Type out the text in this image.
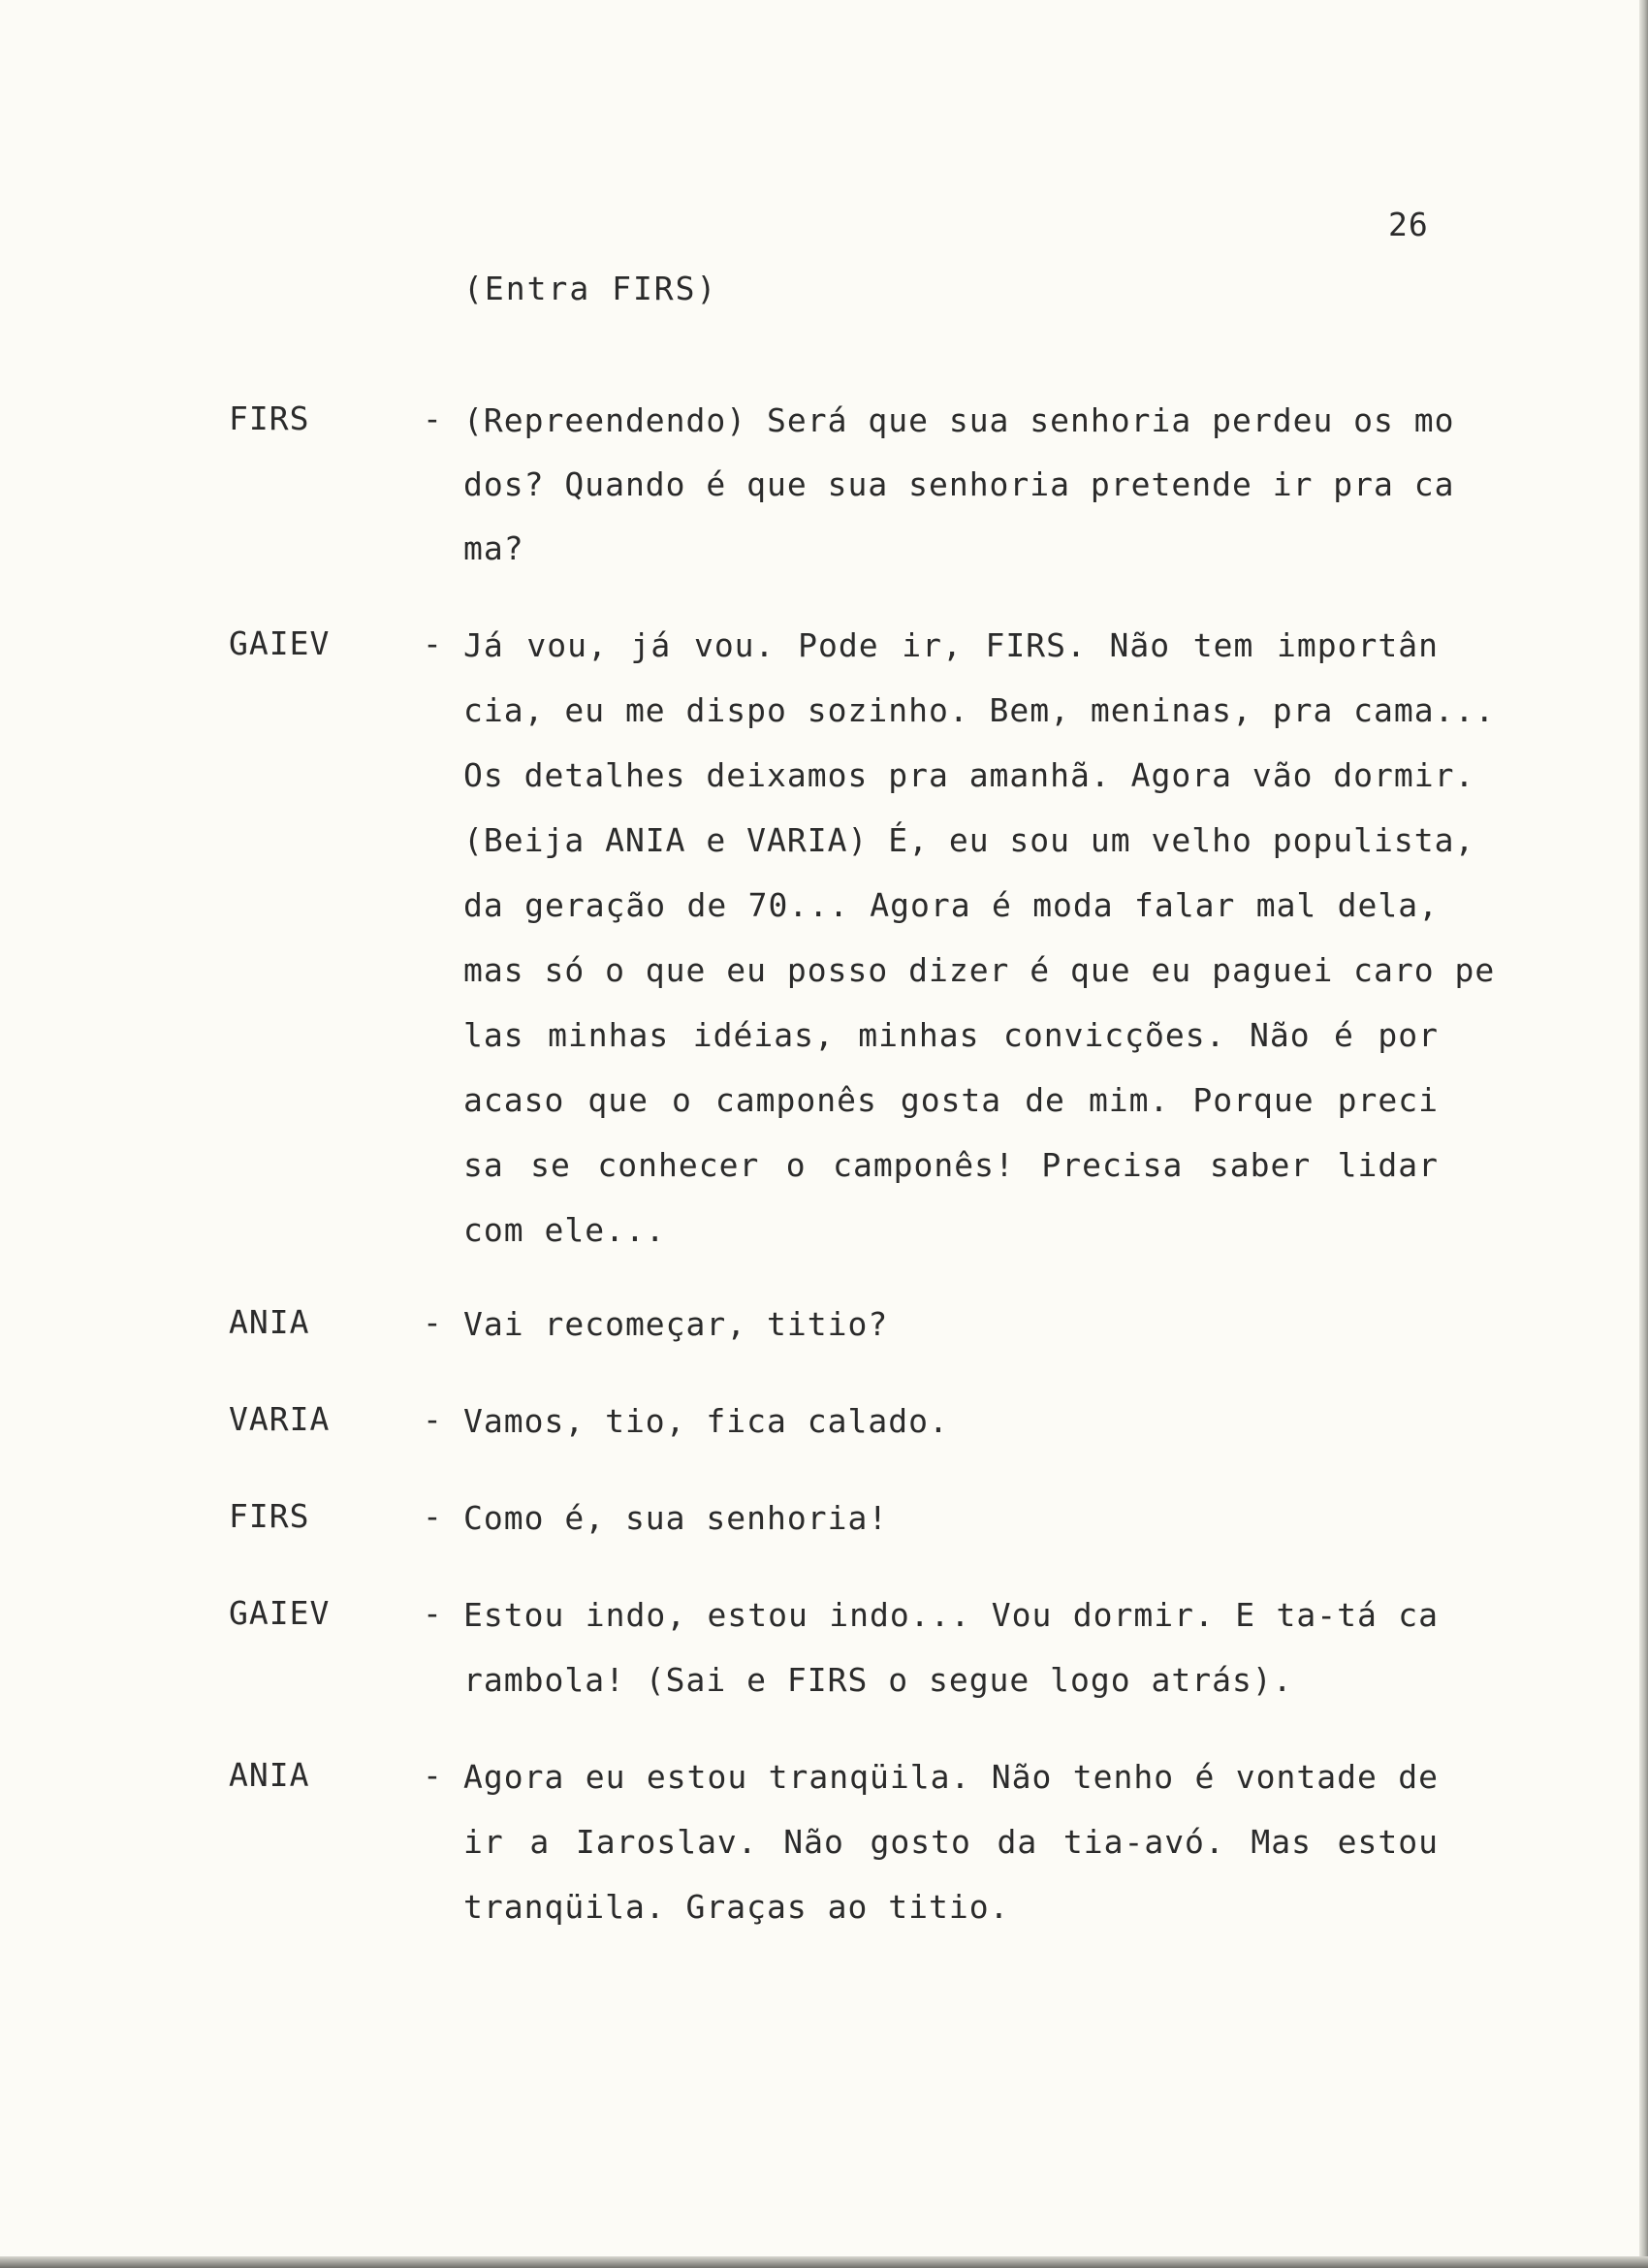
26
(Entra FIRS)
FIRS	- (Repreendendo) Será que sua senhoria perdeu os mo
dos? Quando é que sua senhoria pretende ir pra ca
ma?
GAIEV	- Já vou, já vou. Pode ir, FIRS. Não tem importân
cia, eu me dispo sozinho. Bem, meninas, pra cama...
Os detalhes deixamos pra amanhã. Agora vão dormir.
(Beija ANIA e VARIA) É, eu sou um velho populista,
da geração de 70... Agora é moda falar mal dela,
mas só o que eu posso dizer é que eu paguei caro pe
las minhas idéias, minhas convicções. Não é por
acaso que o camponês gosta de mim. Porque preci
sa se conhecer o camponês! Precisa saber lidar
com ele...
ANIA	- Vai recomeçar, titio?
VARIA	- Vamos, tio, fica calado.
FIRS	- Como é, sua senhoria!
GAIEV	- Estou indo, estou indo... Vou dormir. E ta-tá ca
rambola! (Sai e FIRS o segue logo atrás).
ANIA	- Agora eu estou tranqüila. Não tenho é vontade de
ir a Iaroslav. Não gosto da tia-avó. Mas estou
tranqüila. Graças ao titio.
